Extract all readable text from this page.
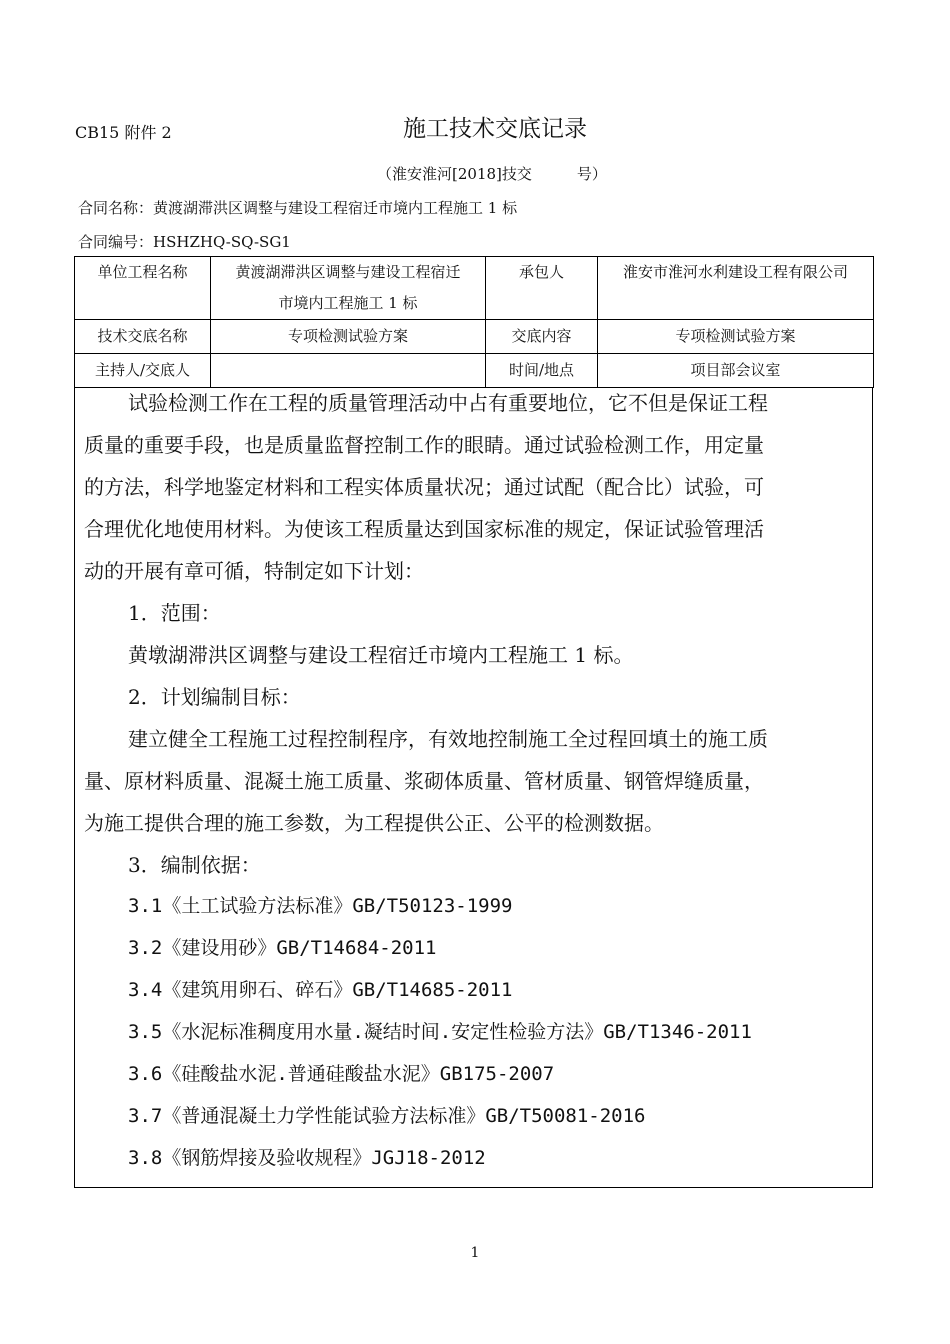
CB15 附件 2	施工技术交底记录
（淮安淮河[2018]技交　　　号）
合同名称：黄渡湖滞洪区调整与建设工程宿迁市境内工程施工 1 标
合同编号：HSHZHQ-SQ-SG1
单位工程名称	黄渡湖滞洪区调整与建设工程宿迁
市境内工程施工 1 标	承包人	淮安市淮河水利建设工程有限公司
技术交底名称	专项检测试验方案	交底内容	专项检测试验方案
主持人/交底人		时间/地点	项目部会议室
试验检测工作在工程的质量管理活动中占有重要地位，它不但是保证工程
质量的重要手段，也是质量监督控制工作的眼睛。通过试验检测工作，用定量
的方法，科学地鉴定材料和工程实体质量状况；通过试配（配合比）试验，可
合理优化地使用材料。为使该工程质量达到国家标准的规定，保证试验管理活
动的开展有章可循，特制定如下计划：
1．范围：
黄墩湖滞洪区调整与建设工程宿迁市境内工程施工 1 标。
2．计划编制目标：
建立健全工程施工过程控制程序，有效地控制施工全过程回填土的施工质
量、原材料质量、混凝土施工质量、浆砌体质量、管材质量、钢管焊缝质量，
为施工提供合理的施工参数，为工程提供公正、公平的检测数据。
3．编制依据：
3.1《土工试验方法标准》GB/T50123-1999
3.2《建设用砂》GB/T14684-2011
3.4《建筑用卵石、碎石》GB/T14685-2011
3.5《水泥标准稠度用水量.凝结时间.安定性检验方法》GB/T1346-2011
3.6《硅酸盐水泥.普通硅酸盐水泥》GB175-2007
3.7《普通混凝土力学性能试验方法标准》GB/T50081-2016
3.8《钢筋焊接及验收规程》JGJ18-2012
1
